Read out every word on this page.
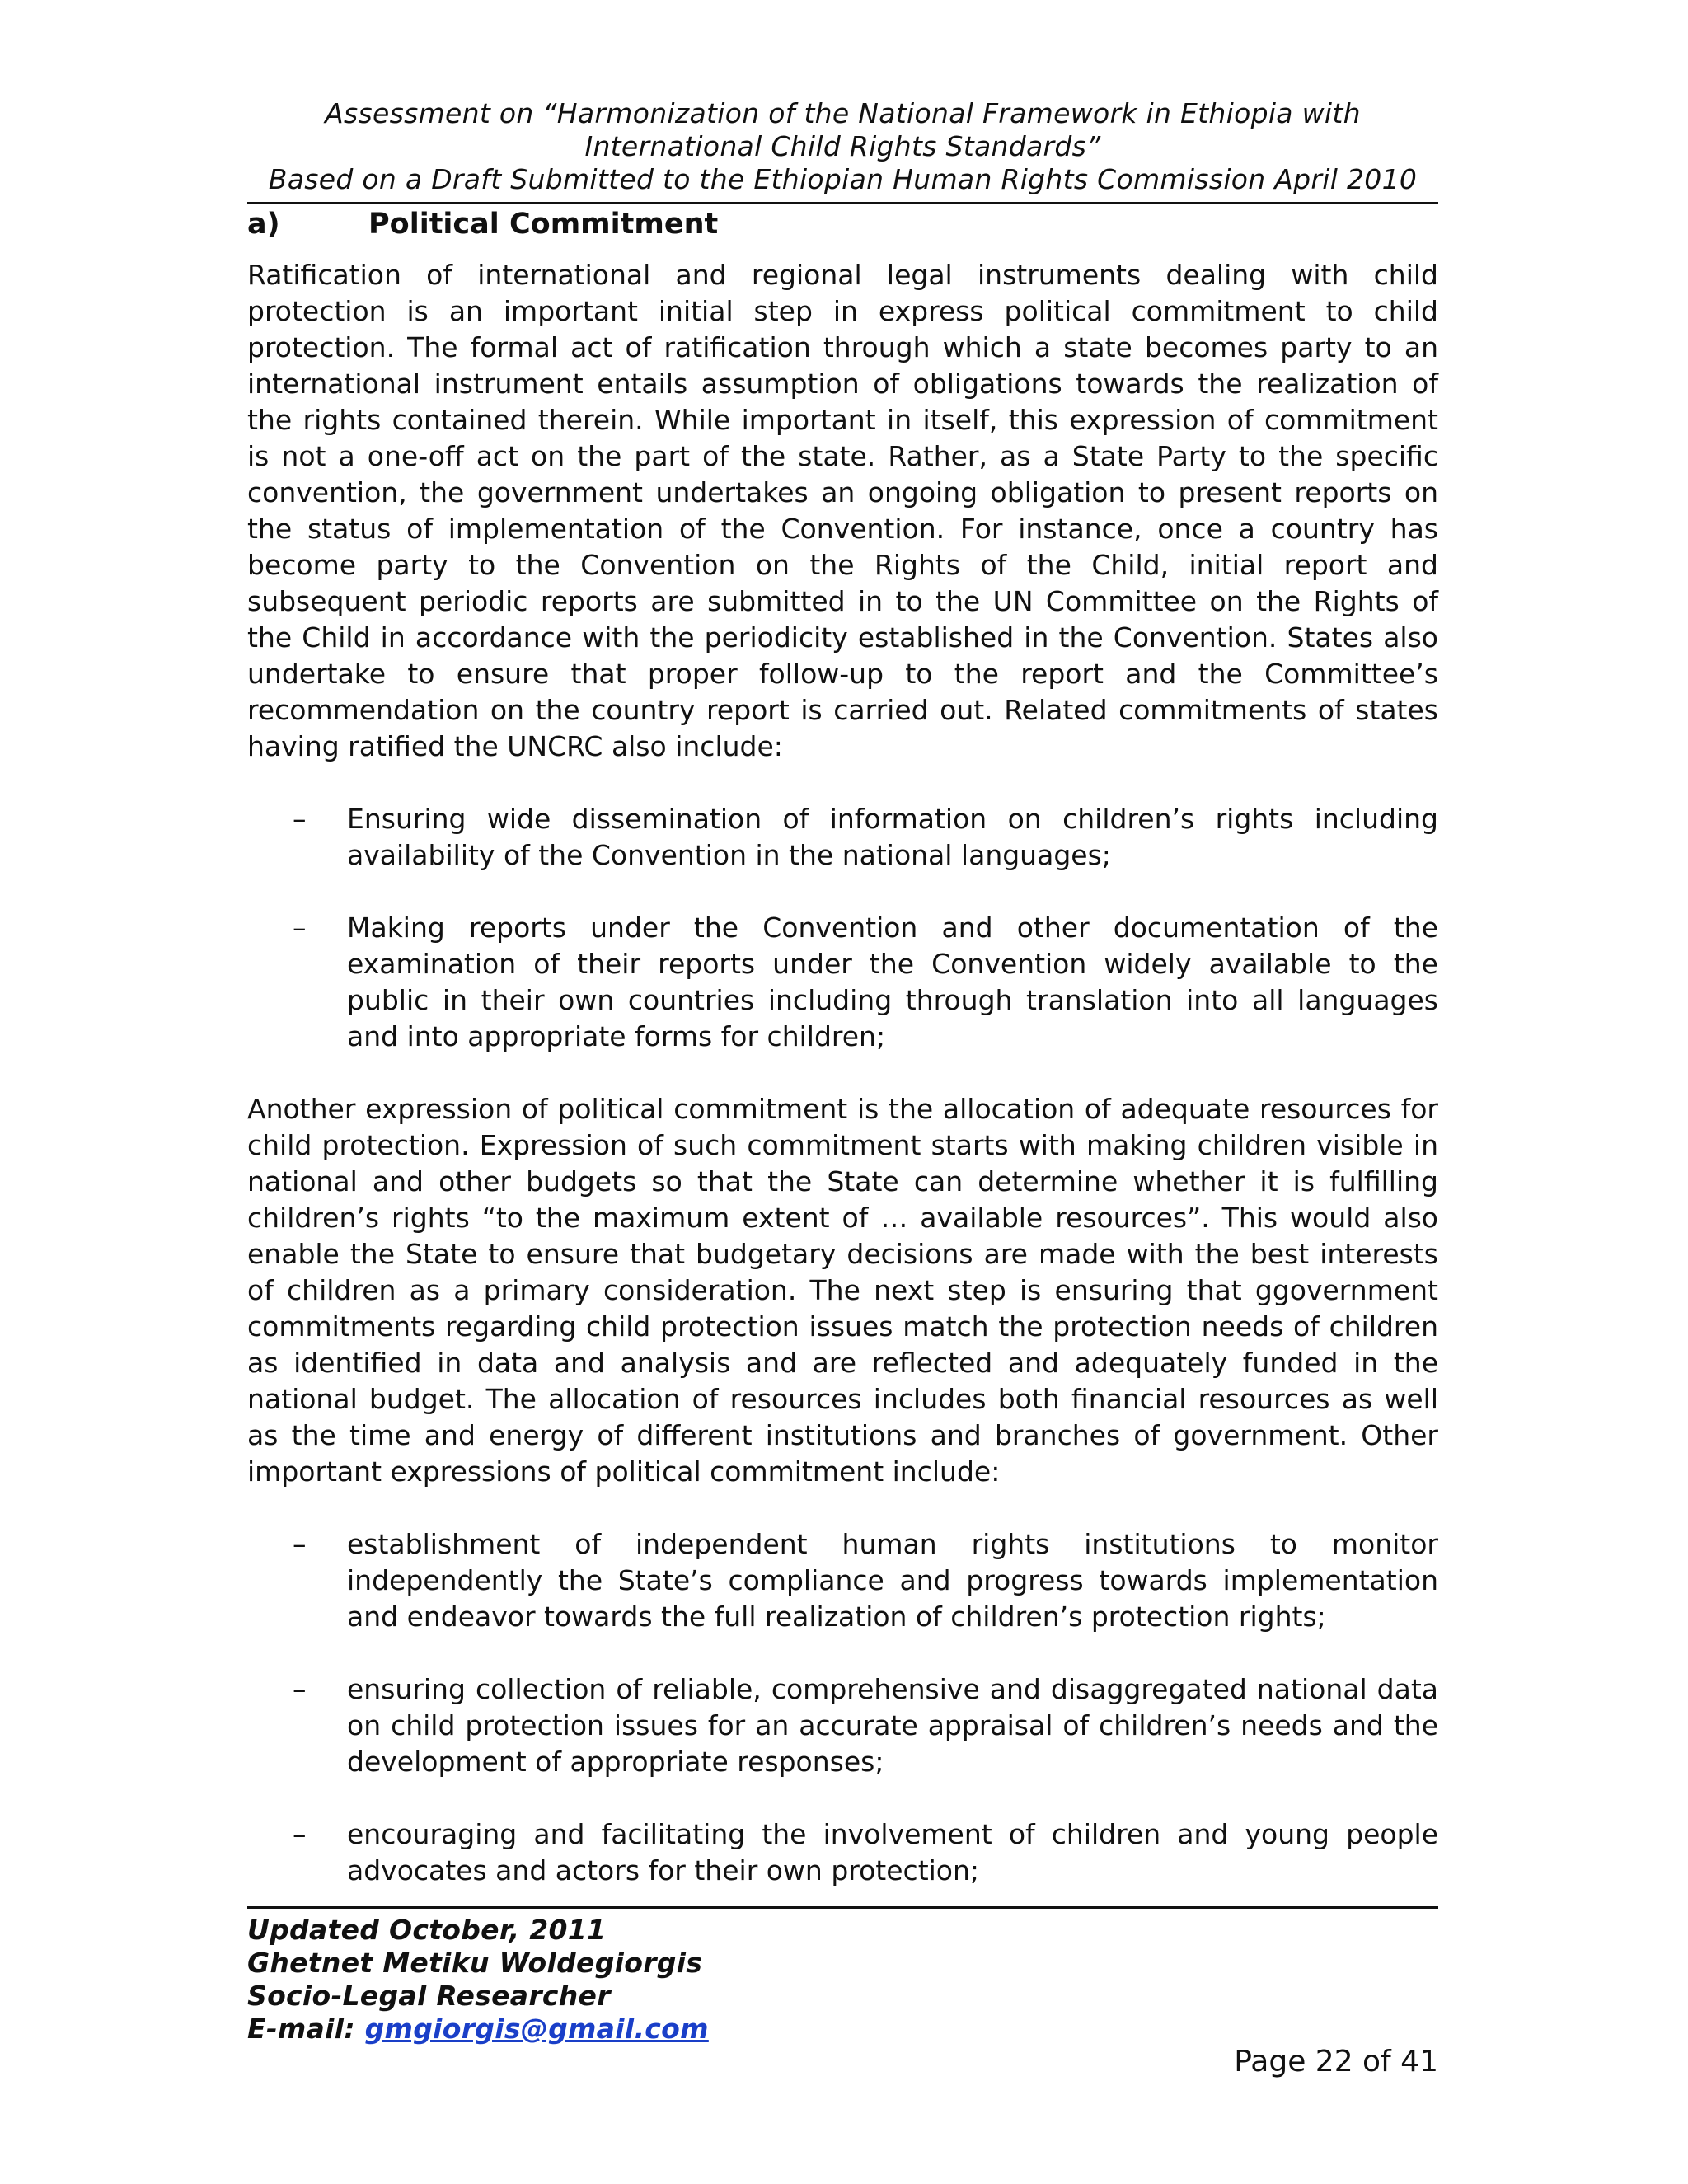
Assessment on “Harmonization of the National Framework in Ethiopia with
International Child Rights Standards”
Based on a Draft Submitted to the Ethiopian Human Rights Commission April 2010
a)	Political Commitment

Ratification of international and regional legal instruments dealing with child protection is an important initial step in express political commitment to child protection. The formal act of ratification through which a state becomes party to an international instrument entails assumption of obligations towards the realization of the rights contained therein. While important in itself, this expression of commitment is not a one-off act on the part of the state. Rather, as a State Party to the specific convention, the government undertakes an ongoing obligation to present reports on the status of implementation of the Convention. For instance, once a country has become party to the Convention on the Rights of the Child, initial report and subsequent periodic reports are submitted in to the UN Committee on the Rights of the Child in accordance with the periodicity established in the Convention. States also undertake to ensure that proper follow-up to the report and the Committee’s recommendation on the country report is carried out. Related commitments of states having ratified the UNCRC also include:

– Ensuring wide dissemination of information on children’s rights including availability of the Convention in the national languages;
– Making reports under the Convention and other documentation of the examination of their reports under the Convention widely available to the public in their own countries including through translation into all languages and into appropriate forms for children;

Another expression of political commitment is the allocation of adequate resources for child protection. Expression of such commitment starts with making children visible in national and other budgets so that the State can determine whether it is fulfilling children’s rights “to the maximum extent of … available resources”. This would also enable the State to ensure that budgetary decisions are made with the best interests of children as a primary consideration. The next step is ensuring that ggovernment commitments regarding child protection issues match the protection needs of children as identified in data and analysis and are reflected and adequately funded in the national budget. The allocation of resources includes both financial resources as well as the time and energy of different institutions and branches of government. Other important expressions of political commitment include:

– establishment of independent human rights institutions to monitor independently the State’s compliance and progress towards implementation and endeavor towards the full realization of children’s protection rights;
– ensuring collection of reliable, comprehensive and disaggregated national data on child protection issues for an accurate appraisal of children’s needs and the development of appropriate responses;
– encouraging and facilitating the involvement of children and young people advocates and actors for their own protection;
Updated October, 2011
Ghetnet Metiku Woldegiorgis
Socio-Legal Researcher
E-mail: gmgiorgis@gmail.com
Page 22 of 41
